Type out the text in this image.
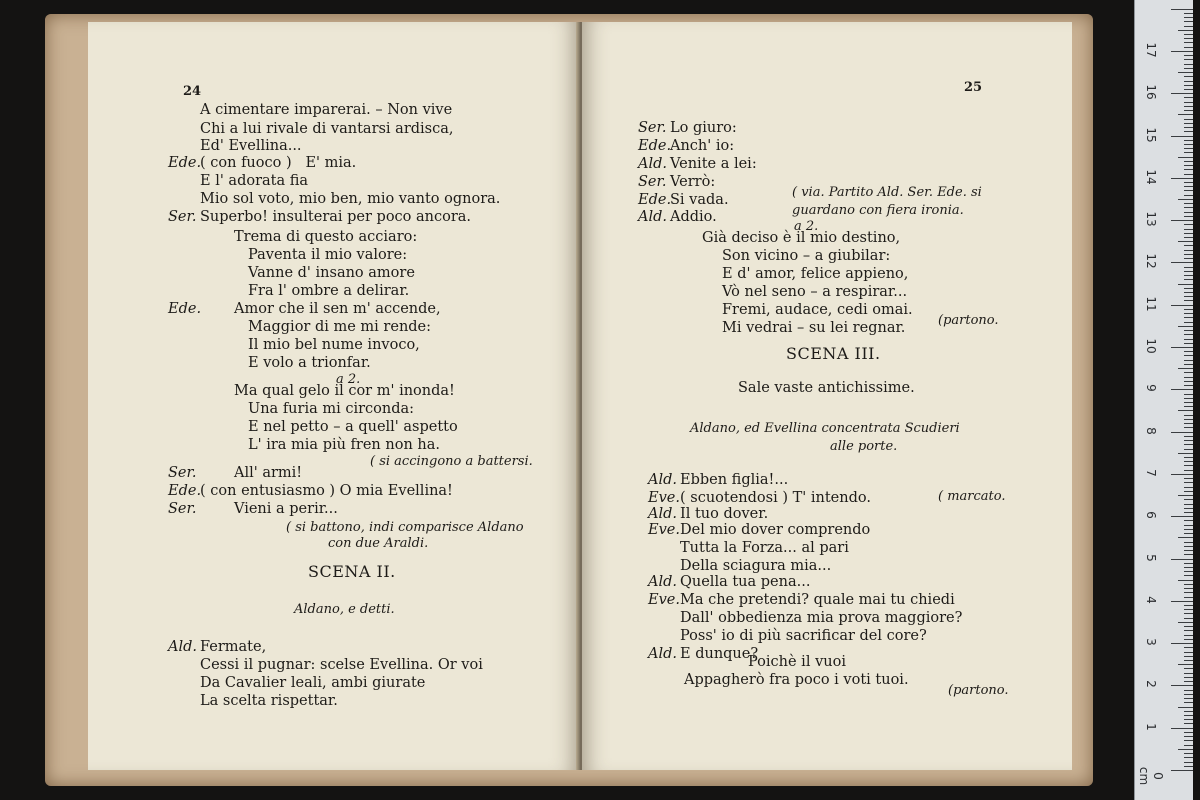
24
A cimentare imparerai. – Non vive
Chi a lui rivale di vantarsi ardisca,
Ed' Evellina...
Ede.
( con fuoco )   E' mia.
E l' adorata fia
Mio sol voto, mio ben, mio vanto ognora.
Ser. Superbo! insulterai per poco ancora.
Trema di questo acciaro:
Paventa il mio valore:
Vanne d' insano amore
Fra l' ombre a delirar.
Ede. Amor che il sen m' accende,
Maggior di me mi rende:
Il mio bel nume invoco,
E volo a trionfar.
a 2.
Ma qual gelo il cor m' inonda!
Una furia mi circonda:
E nel petto – a quell' aspetto
L' ira mia più fren non ha.
( si accingono a battersi.
Ser.	All' armi!
Ede.
( con entusiasmo ) O mia Evellina!
Ser.	Vieni a perir...
( si battono, indi comparisce Aldano
con due Araldi.
Aldano, e detti.
Ald. Fermate,
Cessi il pugnar: scelse Evellina. Or voi
Da Cavalier leali, ambi giurate
La scelta rispettar.
SCENA II.
25
Ser. Lo giuro:
Ede.
Anch' io:
Ald. Venite a lei:
Ser. Verrò:
Ede.
Si vada.
Ald. Addio.
( via. Partito Ald. Ser. Ede. si
guardano con fiera ironia.
a 2.
Già deciso è il mio destino,
Son vicino – a giubilar:
E d' amor, felice appieno,
Vò nel seno – a respirar...
Fremi, audace, cedi omai.
Mi vedrai – su lei regnar.	(partono.
Sale vaste antichissime.
Aldano, ed Evellina concentrata Scudieri
alle porte.
Ald. Ebben figlia!...
Eve. ( scuotendosi ) T' intendo.	( marcato.
Ald. Il tuo dover.
Eve. Del mio dover comprendo
Tutta la Forza... al pari
Della sciagura mia...
Ald. Quella tua pena...
Eve. Ma che pretendi? quale mai tu chiedi
Dall' obbedienza mia prova maggiore?
Poss' io di più sacrificar del core?
Ald. E dunque?
Poichè il vuoi
Appagherò fra poco i voti tuoi.
(partono.
SCENA III.
17
16
15
14
13
12
11
10
9
8
7
6
5
4
3
2
1
0 cm
